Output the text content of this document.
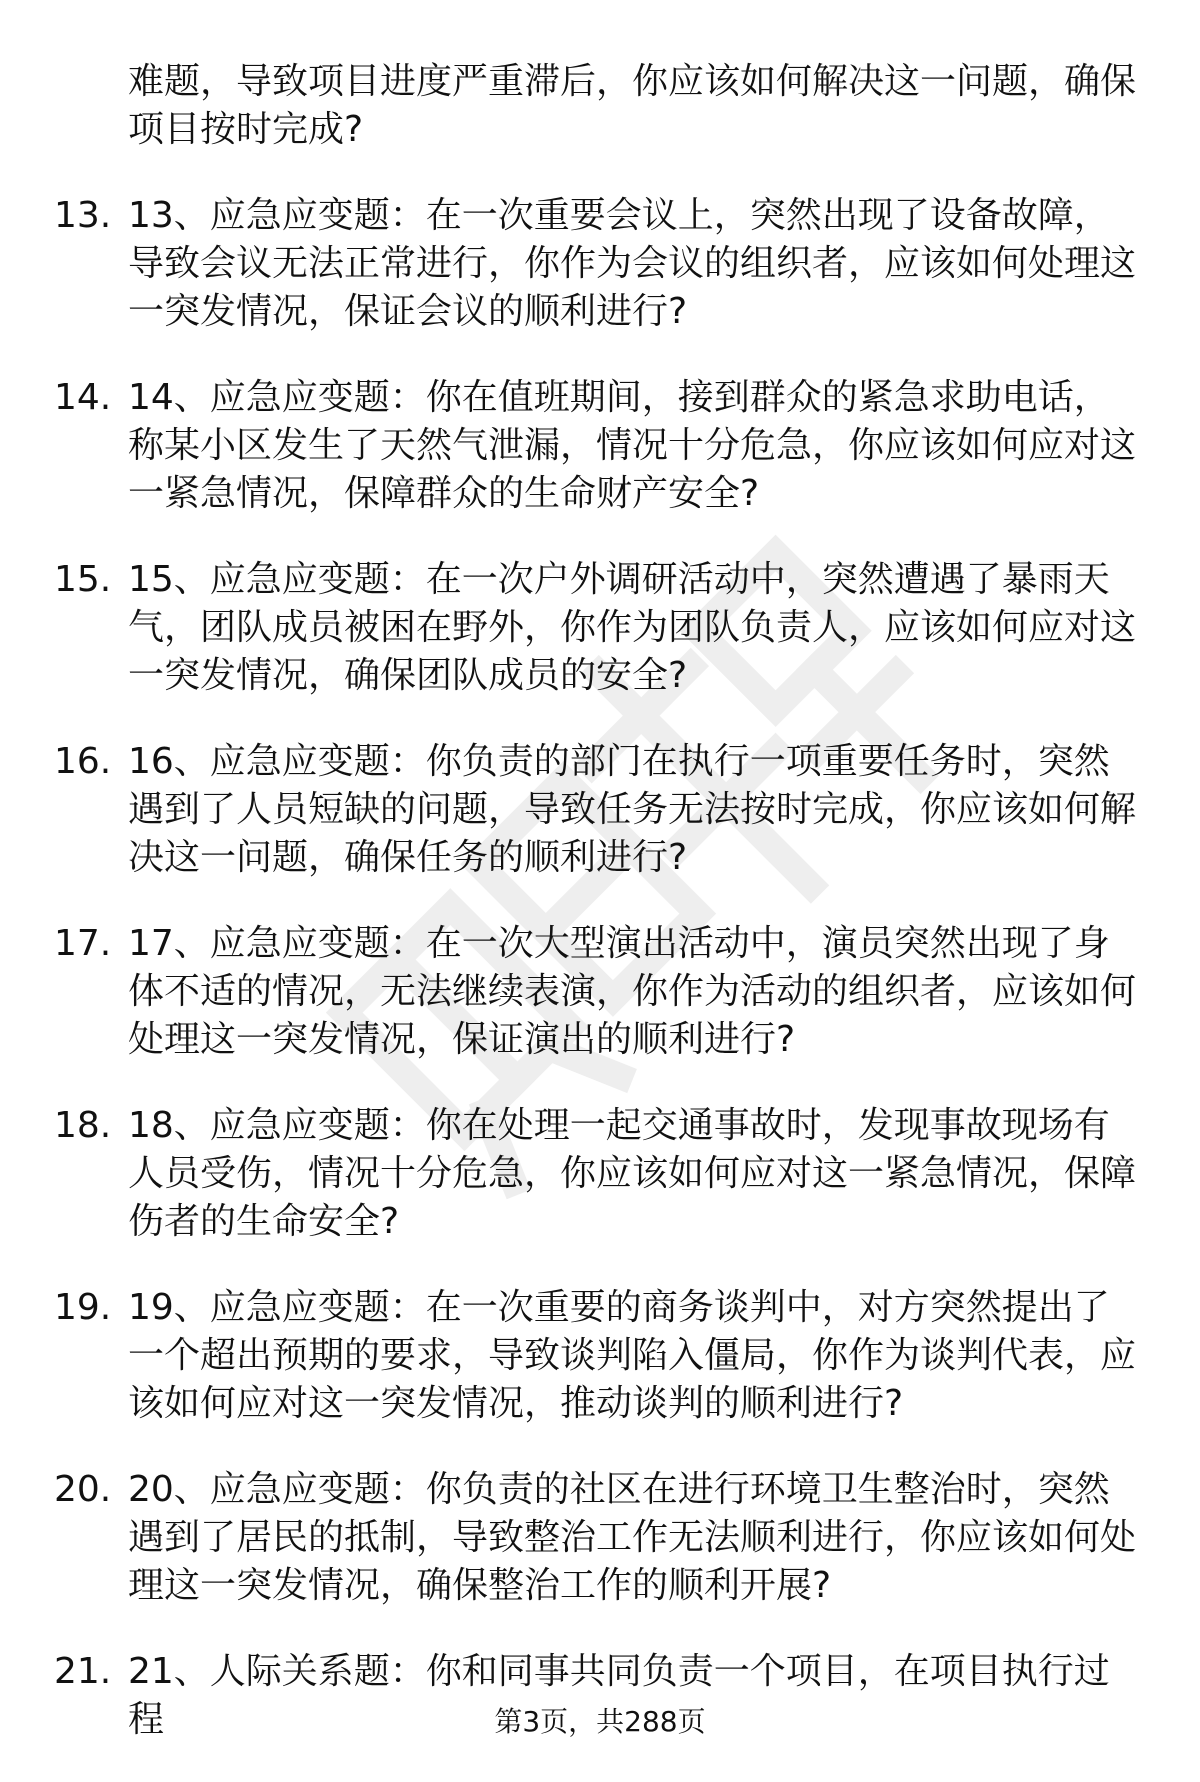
难题，导致项目进度严重滞后，你应该如何解决这一问题，确保项目按时完成?
13. 13、应急应变题：在一次重要会议上，突然出现了设备故障，导致会议无法正常进行，你作为会议的组织者，应该如何处理这一突发情况，保证会议的顺利进行?
14. 14、应急应变题：你在值班期间，接到群众的紧急求助电话，称某小区发生了天然气泄漏，情况十分危急，你应该如何应对这一紧急情况，保障群众的生命财产安全?
15. 15、应急应变题：在一次户外调研活动中，突然遭遇了暴雨天气，团队成员被困在野外，你作为团队负责人，应该如何应对这一突发情况，确保团队成员的安全?
16. 16、应急应变题：你负责的部门在执行一项重要任务时，突然遇到了人员短缺的问题，导致任务无法按时完成，你应该如何解决这一问题，确保任务的顺利进行?
17. 17、应急应变题：在一次大型演出活动中，演员突然出现了身体不适的情况，无法继续表演，你作为活动的组织者，应该如何处理这一突发情况，保证演出的顺利进行?
18. 18、应急应变题：你在处理一起交通事故时，发现事故现场有人员受伤，情况十分危急，你应该如何应对这一紧急情况，保障伤者的生命安全?
19. 19、应急应变题：在一次重要的商务谈判中，对方突然提出了一个超出预期的要求，导致谈判陷入僵局，你作为谈判代表，应该如何应对这一突发情况，推动谈判的顺利进行?
20. 20、应急应变题：你负责的社区在进行环境卫生整治时，突然遇到了居民的抵制，导致整治工作无法顺利进行，你应该如何处理这一突发情况，确保整治工作的顺利开展?
21. 21、人际关系题：你和同事共同负责一个项目，在项目执行过程	第3页，共288页
